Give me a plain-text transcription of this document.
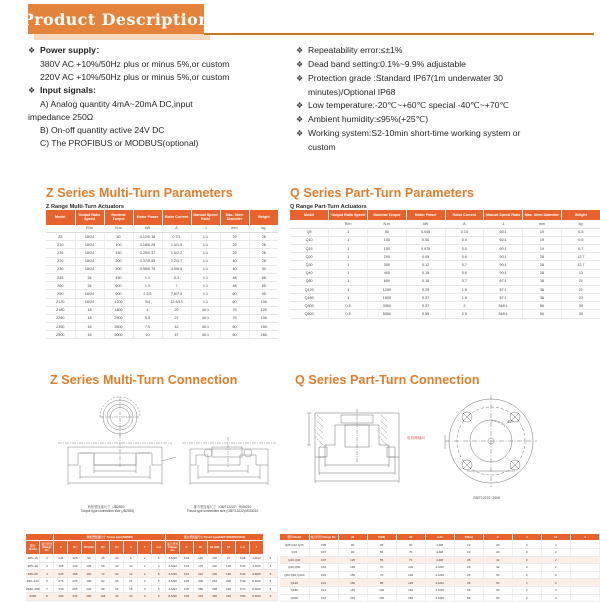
Product Description
❖ Power supply：
380V AC +10%/50Hz plus or minus 5%,or custom
220V AC +10%/50Hz plus or minus 5%,or custom
❖ Input signals:
A) Analog quantity 4mA~20mA DC,input
impedance 250Ω
B) On-off quantity active 24V DC
C) The PROFIBUS or MODBUS(optional)
❖ Repeatability error:≤±1%
❖ Dead band setting:0.1%~9.9% adjustable
❖ Protection grade :Standard IP67(1m underwater 30
minutes)/Optional IP68
❖ Low temperature:-20℃~+60℃ special -40℃~+70℃
❖ Ambient humidity:≤95%(+25℃)
❖ Working system:S2-10min short-time working system or
custom
Z Series Multi-Turn Parameters
Z Range Multi-Turn Actuators
Model	Output Ratio Speed	Nominal Torque	Motor Power	Rotor Current	Manual Speed Ratio	Max. Stem Diameter	Weight
	R/m	N.m	kW	A	:1	mm	kg
Z5	18/24	50	0.12/0.18	0.7/1	1:1	29	26
Z10	18/24	100	0.18/0.25	1.4/1.8	1:1	29	26
Z15	18/24	150	0.25/0.37	1.6/2.2	1:1	29	26
Z20	18/24	200	0.37/0.55	2.2/3.7	1:1	40	28
Z30	18/24	300	0.55/0.75	3.5/5.8	1:1	40	30
Z45	24	450	1.1	5.3	1:1	48	58
Z60	24	600	1.5	7	1:1	48	65
Z90	18/24	900	2.2/3	7.6/7.9	1:1	60	95
Z120	18/24	1200	3/4	12.4/13	1:1	60	100
Z180	18	1800	4	20	40:1	75	120
Z250	18	2500	5.5	27	40:1	75	100
Z350	18	3500	7.5	42	40:1	80	150
Z500	18	5000	10	47	40:1	80	260
Q Series Part-Turn Parameters
Q Range Part-Turn Actuators
Model	Output Ratio Speed	Nominal Torque	Motor Power	Rotor Current	Manual Speed Ratio	Max. Stem Diameter	Weight
	R/m	N.m	kW	A	:1	mm	kg
Q5	1	50	0.045	0.14	60:1	19	6.5
Q10	1	100	0.06	0.4	60:1	19	6.6
Q15	1	150	0.075	0.5	60:1	19	6.7
Q20	1	200	0.09	0.6	90:1	28	12.7
Q30	1	300	0.12	0.7	90:1	28	12.7
Q40	1	400	0.15	0.6	90:1	28	13
Q60	1	600	0.16	0.7	87:1	38	21
Q120	1	1200	0.25	1.8	87:1	38	21
Q180	1	1800	0.37	1.6	87:1	38	23
Q300	0.5	3000	0.37	2	348:1	56	35
Q500	0.5	5000	0.55	2.5	348:1	56	35
Z Series Multi-Turn Connection
转矩型连接尺寸（JB2920）
Torque type connection size (JB2920)
推力型连接尺寸（GB/T12222）ISO5210
Thrust type connection size (GB/T12222)/ISO5210
Q Series Part-Turn Connection
45°
电机侧轴向
GB/T12222~2005
		转矩型连接尺寸 Torque type(JB2920)								推力型连接尺寸 Thrust type(GB/T12222/ISO5210)							
型号 Model	法兰代号 Flange No.	D	D1	D2 (H9)	D3	D4	H	T	n-d	法兰代号 Flange No.	D	D1	D2 (H9)	D3	n-d	T	
Z05~15	2	145	125	90	45	20	6	2	5	4-M10	F10	125	102	70	7/28	4-M10	3
Z25~30	3	165	140	125	58	42	10	2	4	4-M12	F14	175	140	100	7/36	4-M16	4
Z45~60	4	225	195	160	72	60	12	2	5	4-M16	F16	210	165	130	7/44	4-M20	5
Z90~120	5	275	235	190	82	60	14	2	5	4-M20	F25	300	254	200	7/40	8-M16	5
Z180~250	7	330	295	220	98	13	18	3	6	4-M24	F30	350	298	230	7/70	8-M20	5
Z350	8	390	345	280	128	46	20	3	6	8-M30	F35	415	356	260	7/80	8-M30	6
型号 Model	法兰代号 Flange No.	d1	D(H9)	d2	n-d4	T(Max)	H	J	b2	d
Q05 Q10 Q15	F05	90	35	50	4-M8	19	20	3	2	
Q15	F07	90	56	70	4-M8	19	20	3	2	
Q20 Q30	F07	125	55	70	4-M8	28	42	3	2	
Q40 Q60	F10	125	70	102	4-M10	28	42	3	2	
Q60 Q80 Q120	F10	150	70	102	4-M10	28	50	3	2	
Q120	F12	150	85	125	4-M12	38	50	3	2	
Q180	F14	181	100	140	4-M16	38	60	3	3	
Q300	F16	215	130	165	4-M20	50	60	3	3	
